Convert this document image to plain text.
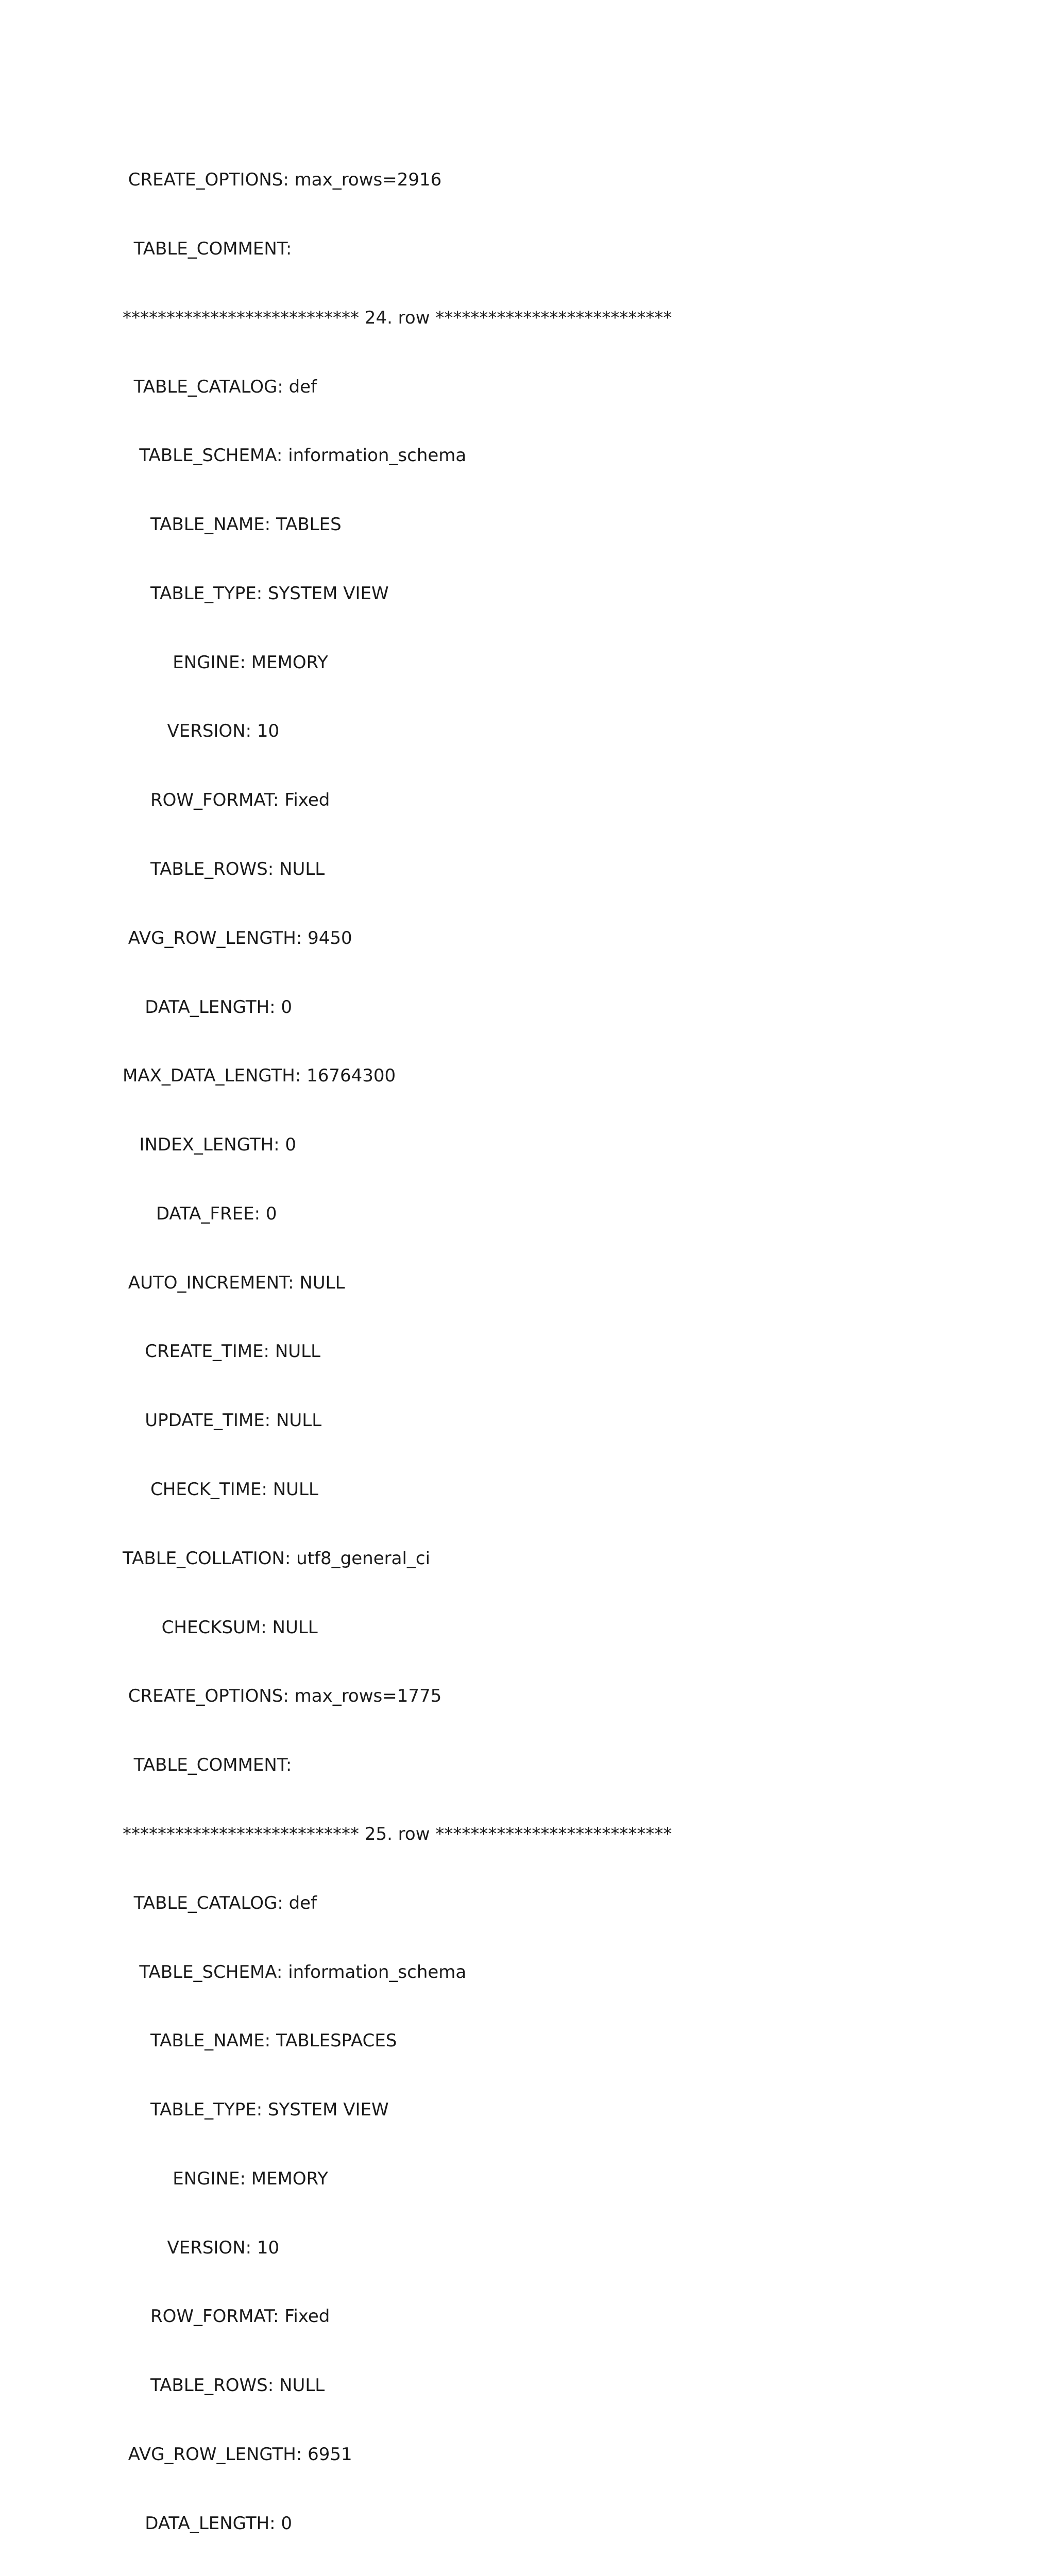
CREATE_OPTIONS: max_rows=2916

TABLE_COMMENT:

*************************** 24. row ***************************

TABLE_CATALOG: def

TABLE_SCHEMA: information_schema

TABLE_NAME: TABLES

TABLE_TYPE: SYSTEM VIEW

ENGINE: MEMORY

VERSION: 10

ROW_FORMAT: Fixed

TABLE_ROWS: NULL

AVG_ROW_LENGTH: 9450

DATA_LENGTH: 0

MAX_DATA_LENGTH: 16764300

INDEX_LENGTH: 0

DATA_FREE: 0

AUTO_INCREMENT: NULL

CREATE_TIME: NULL

UPDATE_TIME: NULL

CHECK_TIME: NULL

TABLE_COLLATION: utf8_general_ci

CHECKSUM: NULL

CREATE_OPTIONS: max_rows=1775

TABLE_COMMENT:

*************************** 25. row ***************************

TABLE_CATALOG: def

TABLE_SCHEMA: information_schema

TABLE_NAME: TABLESPACES

TABLE_TYPE: SYSTEM VIEW

ENGINE: MEMORY

VERSION: 10

ROW_FORMAT: Fixed

TABLE_ROWS: NULL

AVG_ROW_LENGTH: 6951

DATA_LENGTH: 0
